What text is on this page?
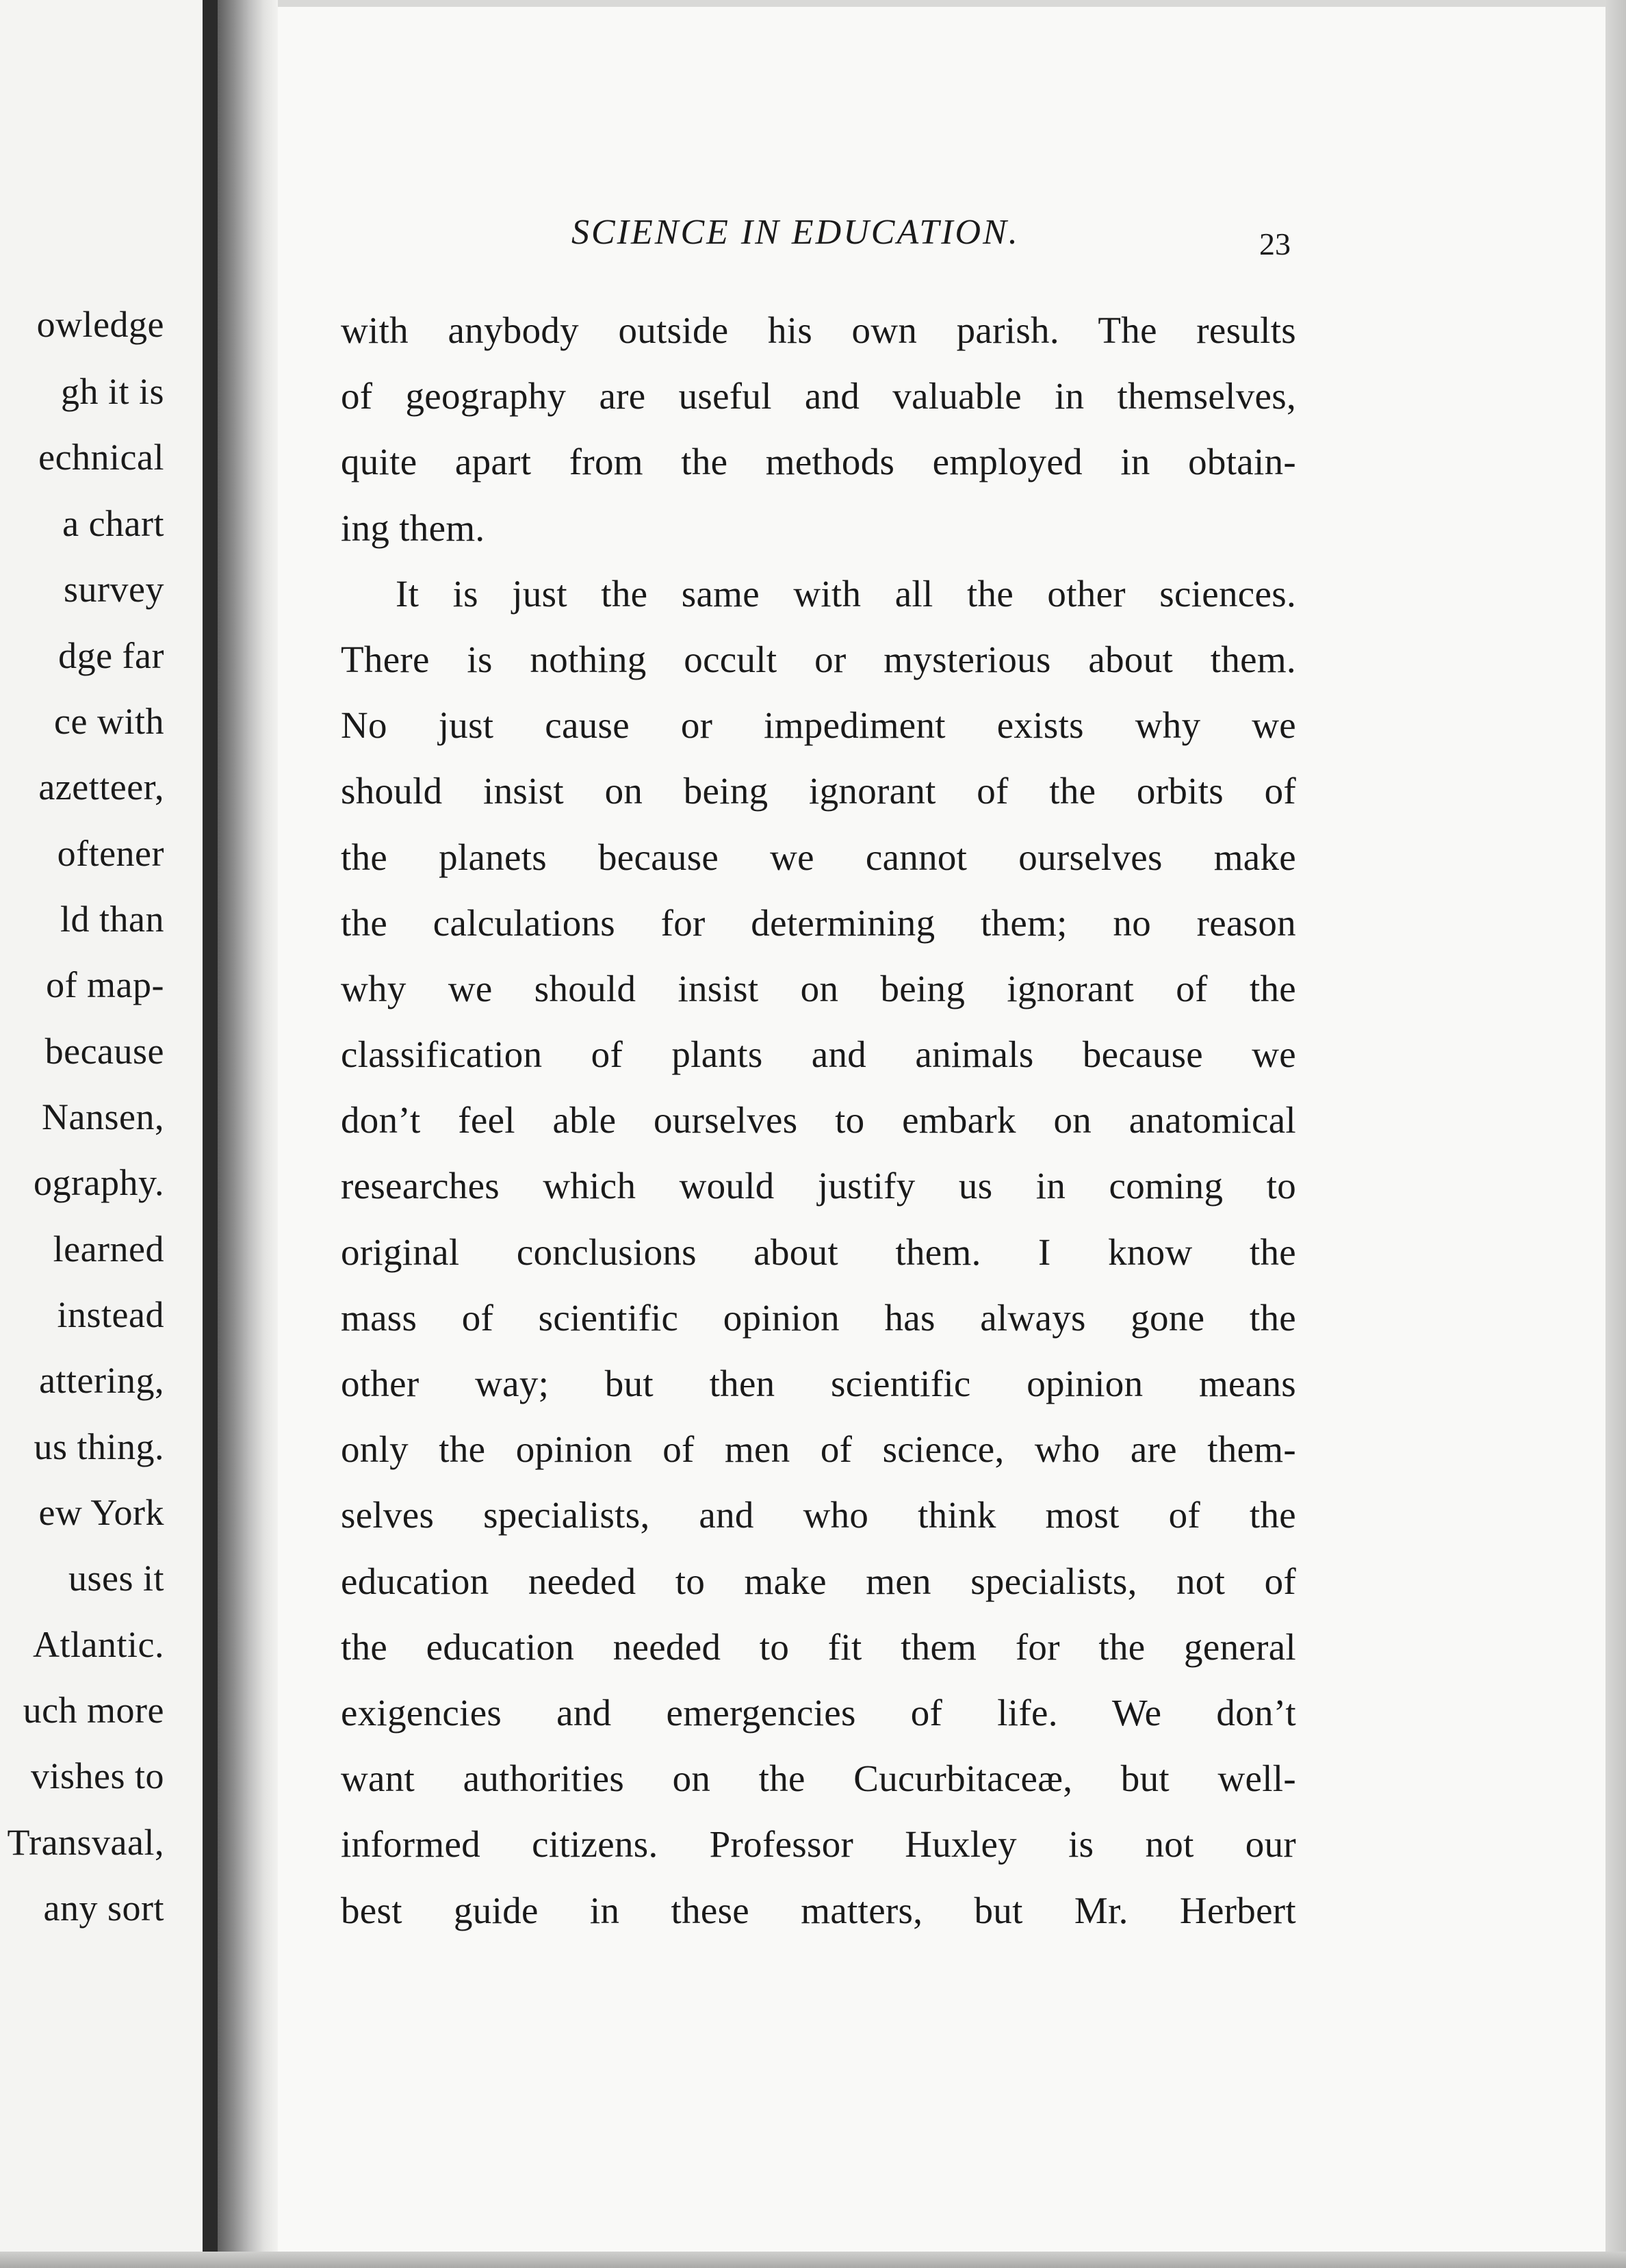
owledge
gh it is
echnical
a chart
survey
dge far
ce with
azetteer,
oftener
ld than
of map-
because
Nansen,
ography.
learned
instead
attering,
us thing.
ew York
uses it
Atlantic.
uch more
vishes to
Transvaal,
any sort
SCIENCE IN EDUCATION.	23
with anybody outside his own parish. The results
of geography are useful and valuable in themselves,
quite apart from the methods employed in obtain-
ing them.
It is just the same with all the other sciences.
There is nothing occult or mysterious about them.
No just cause or impediment exists why we
should insist on being ignorant of the orbits of
the planets because we cannot ourselves make
the calculations for determining them; no reason
why we should insist on being ignorant of the
classification of plants and animals because we
don’t feel able ourselves to embark on anatomical
researches which would justify us in coming to
original conclusions about them. I know the
mass of scientific opinion has always gone the
other way; but then scientific opinion means
only the opinion of men of science, who are them-
selves specialists, and who think most of the
education needed to make men specialists, not of
the education needed to fit them for the general
exigencies and emergencies of life. We don’t
want authorities on the Cucurbitaceæ, but well-
informed citizens. Professor Huxley is not our
best guide in these matters, but Mr. Herbert
